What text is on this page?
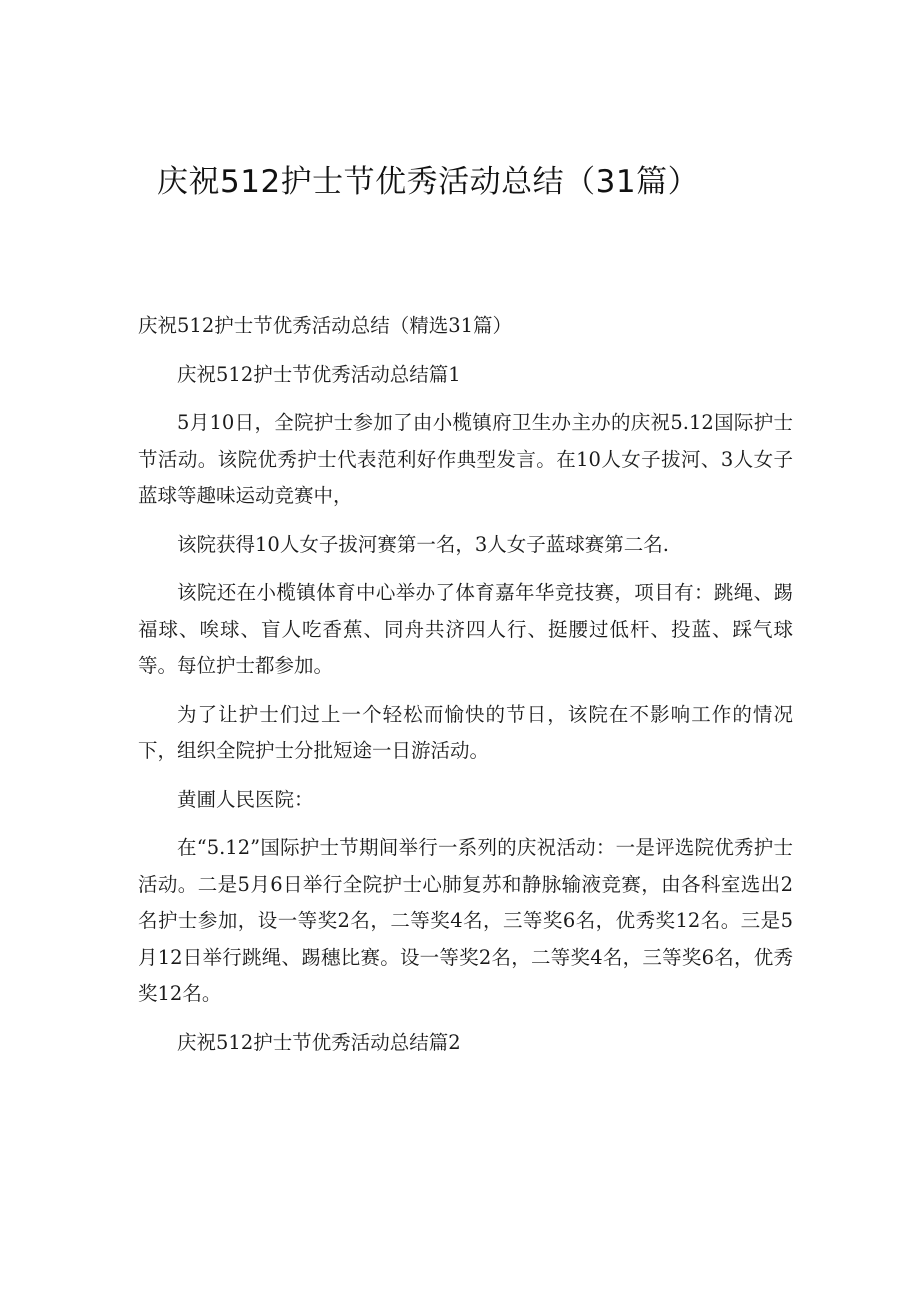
庆祝512护士节优秀活动总结（31篇）

庆祝512护士节优秀活动总结（精选31篇）

庆祝512护士节优秀活动总结篇1

5月10日，全院护士参加了由小榄镇府卫生办主办的庆祝5.12国际护士节活动。该院优秀护士代表范利好作典型发言。在10人女子拔河、3人女子蓝球等趣味运动竞赛中，

该院获得10人女子拔河赛第一名，3人女子蓝球赛第二名.

该院还在小榄镇体育中心举办了体育嘉年华竞技赛，项目有：跳绳、踢福球、唉球、盲人吃香蕉、同舟共济四人行、挺腰过低杆、投蓝、踩气球等。每位护士都参加。

为了让护士们过上一个轻松而愉快的节日，该院在不影响工作的情况下，组织全院护士分批短途一日游活动。

黄圃人民医院：

在“5.12”国际护士节期间举行一系列的庆祝活动：一是评选院优秀护士活动。二是5月6日举行全院护士心肺复苏和静脉输液竞赛，由各科室选出2名护士参加，设一等奖2名，二等奖4名，三等奖6名，优秀奖12名。三是5月12日举行跳绳、踢穗比赛。设一等奖2名，二等奖4名，三等奖6名，优秀奖12名。

庆祝512护士节优秀活动总结篇2
